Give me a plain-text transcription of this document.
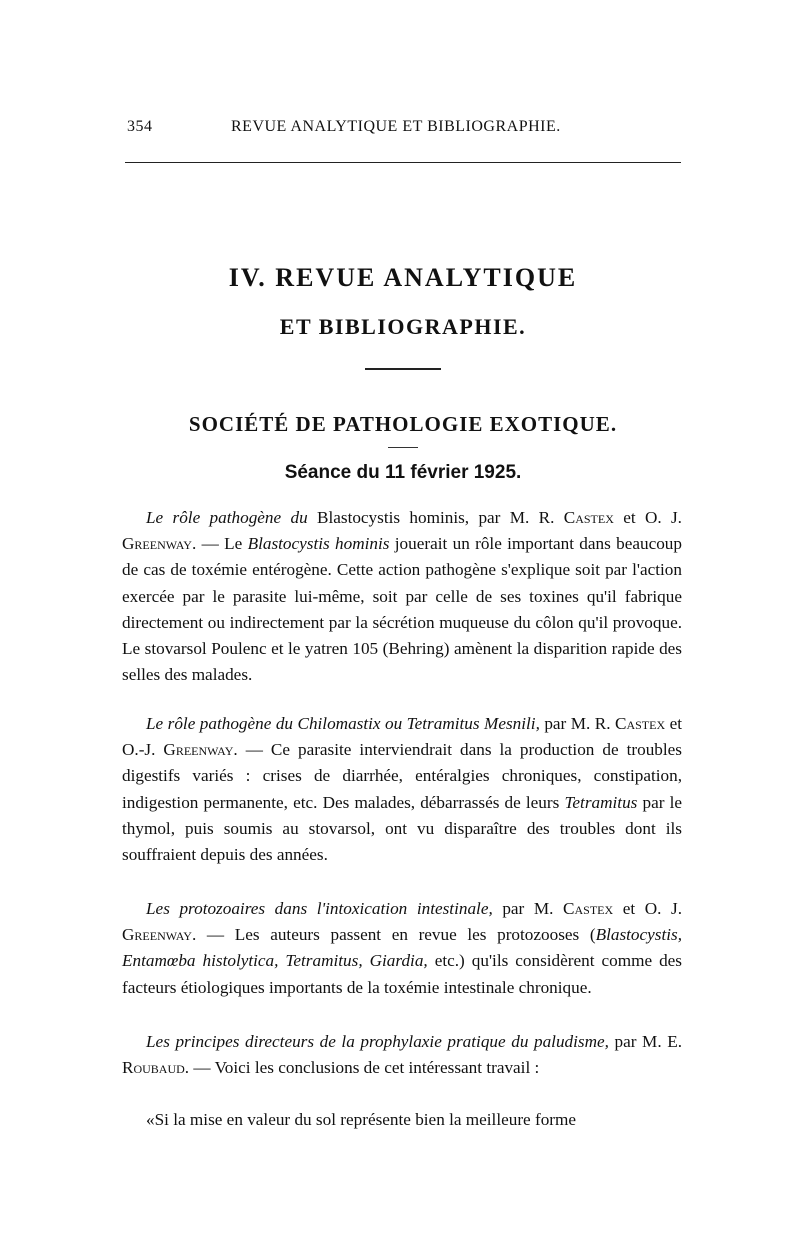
354	REVUE ANALYTIQUE ET BIBLIOGRAPHIE.
IV. REVUE ANALYTIQUE
ET BIBLIOGRAPHIE.
SOCIÉTÉ DE PATHOLOGIE EXOTIQUE.
Séance du 11 février 1925.
Le rôle pathogène du Blastocystis hominis, par M. R. Castex et O. J. Greenway. — Le Blastocystis hominis jouerait un rôle important dans beaucoup de cas de toxémie entérogène. Cette action pathogène s'explique soit par l'action exercée par le parasite lui-même, soit par celle de ses toxines qu'il fabrique directement ou indirectement par la sécrétion muqueuse du côlon qu'il provoque. Le stovarsol Poulenc et le yatren 105 (Behring) amènent la disparition rapide des selles des malades.
Le rôle pathogène du Chilomastix ou Tetramitus Mesnili, par M. R. Castex et O.-J. Greenway. — Ce parasite interviendrait dans la production de troubles digestifs variés : crises de diarrhée, entéralgies chroniques, constipation, indigestion permanente, etc. Des malades, débarrassés de leurs Tetramitus par le thymol, puis soumis au stovarsol, ont vu disparaître des troubles dont ils souffraient depuis des années.
Les protozoaires dans l'intoxication intestinale, par M. Castex et O. J. Greenway. — Les auteurs passent en revue les protozooses (Blastocystis, Entamœba histolytica, Tetramitus, Giardia, etc.) qu'ils considèrent comme des facteurs étiologiques importants de la toxémie intestinale chronique.
Les principes directeurs de la prophylaxie pratique du paludisme, par M. E. Roubaud. — Voici les conclusions de cet intéressant travail :
«Si la mise en valeur du sol représente bien la meilleure forme
